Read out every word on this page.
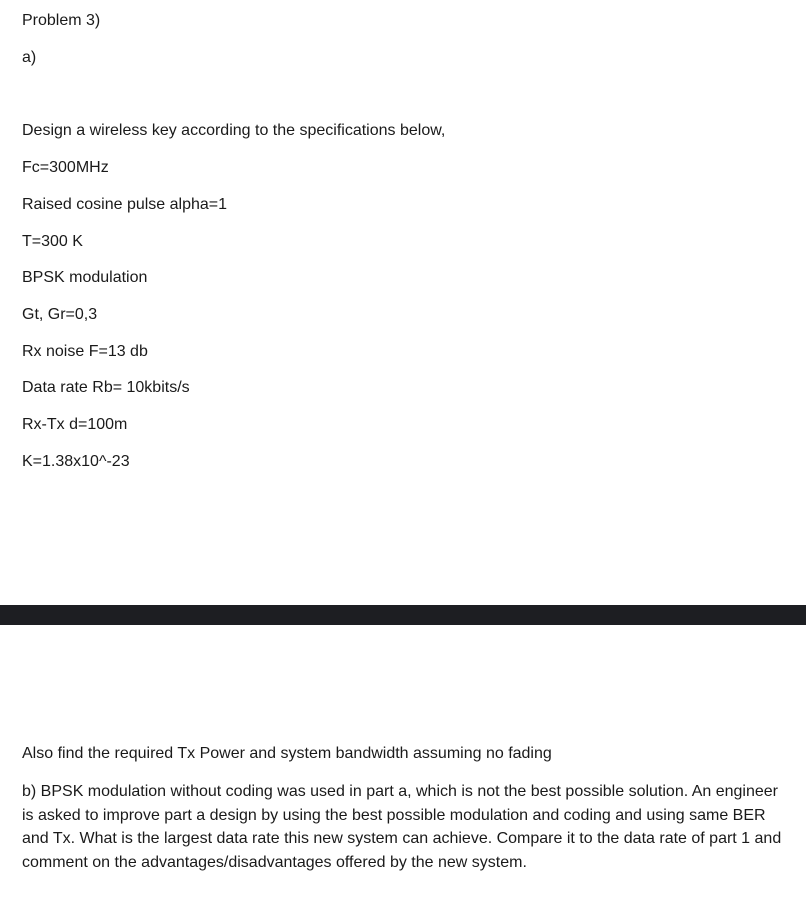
Problem 3)
a)
Design a wireless key according to the specifications below,
Fc=300MHz
Raised cosine pulse alpha=1
T=300 K
BPSK modulation
Gt, Gr=0,3
Rx noise F=13 db
Data rate Rb= 10kbits/s
Rx-Tx d=100m
K=1.38x10^-23
Also find the required Tx Power and system bandwidth assuming no fading
b) BPSK modulation without coding was used in part a, which is not the best possible solution. An engineer is asked to improve part a design by using the best possible modulation and coding and using same BER and Tx. What is the largest data rate this new system can achieve. Compare it to the data rate of part 1 and comment on the advantages/disadvantages offered by the new system.
